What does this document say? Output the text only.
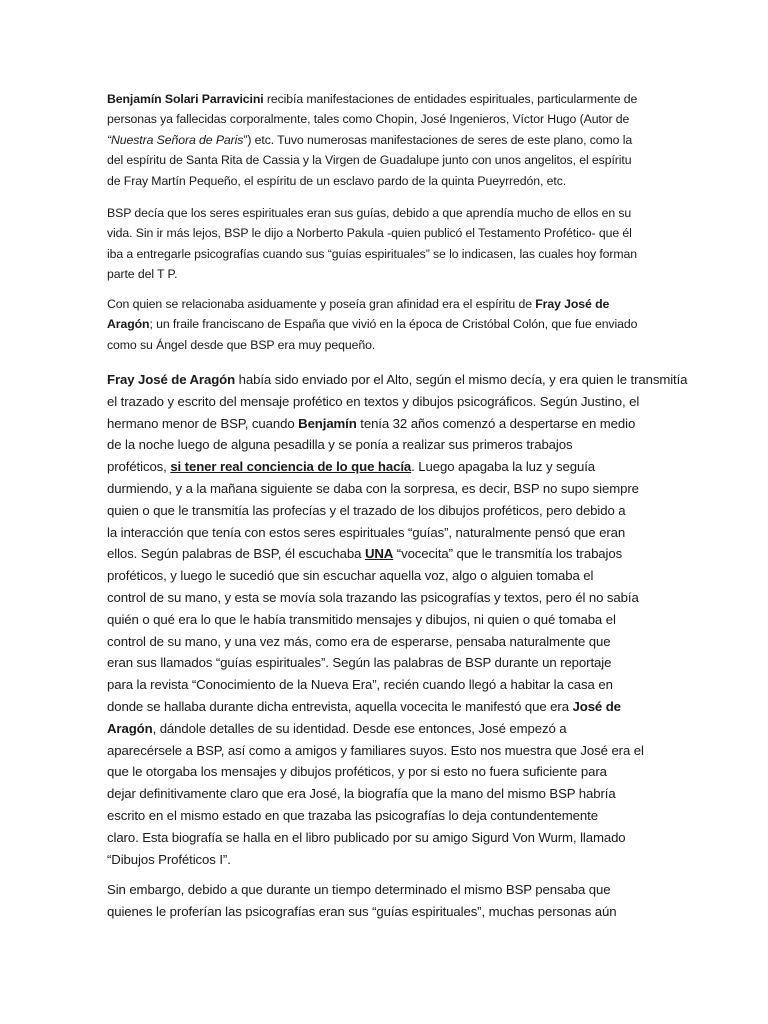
Benjamín Solari Parravicini recibía manifestaciones de entidades espirituales, particularmente de

personas ya fallecidas corporalmente, tales como Chopin, José Ingenieros, Víctor Hugo (Autor de

“Nuestra Señora de Paris”) etc. Tuvo numerosas manifestaciones de seres de este plano, como la

del espíritu de Santa Rita de Cassia y la Virgen de Guadalupe junto con unos angelitos, el espíritu

de Fray Martín Pequeño, el espíritu de un esclavo pardo de la quinta Pueyrredón, etc.

BSP decía que los seres espirituales eran sus guías, debido a que aprendía mucho de ellos en su

vida. Sin ir más lejos, BSP le dijo a Norberto Pakula -quien publicó el Testamento Profético- que él

iba a entregarle psicografías cuando sus “guías espirituales” se lo indicasen, las cuales hoy forman

parte del T P.

Con quien se relacionaba asiduamente y poseía gran afinidad era el espíritu de Fray José de

Aragón; un fraile franciscano de España que vivió en la época de Cristóbal Colón, que fue enviado

como su Ángel desde que BSP era muy pequeño.

Fray José de Aragón había sido enviado por el Alto, según el mismo decía, y era quien le transmitía

el trazado y escrito del mensaje profético en textos y dibujos psicográficos. Según Justino, el

hermano menor de BSP, cuando Benjamín tenía 32 años comenzó a despertarse en medio

de la noche luego de alguna pesadilla y se ponía a realizar sus primeros trabajos

proféticos, si tener real conciencia de lo que hacía. Luego apagaba la luz y seguía

durmiendo, y a la mañana siguiente se daba con la sorpresa, es decir, BSP no supo siempre

quien o que le transmitía las profecías y el trazado de los dibujos proféticos, pero debido a

la interacción que tenía con estos seres espirituales “guías”, naturalmente pensó que eran

ellos. Según palabras de BSP, él escuchaba UNA “vocecita” que le transmitía los trabajos

proféticos, y luego le sucedió que sin escuchar aquella voz, algo o alguien tomaba el

control de su mano, y esta se movía sola trazando las psicografías y textos, pero él no sabía

quién o qué era lo que le había transmitido mensajes y dibujos, ni quien o qué tomaba el

control de su mano, y una vez más, como era de esperarse, pensaba naturalmente que

eran sus llamados “guías espirituales”. Según las palabras de BSP durante un reportaje

para la revista “Conocimiento de la Nueva Era”, recién cuando llegó a habitar la casa en

donde se hallaba durante dicha entrevista, aquella vocecita le manifestó que era José de

Aragón, dándole detalles de su identidad. Desde ese entonces, José empezó a

aparecérsele a BSP, así como a amigos y familiares suyos. Esto nos muestra que José era el

que le otorgaba los mensajes y dibujos proféticos, y por si esto no fuera suficiente para

dejar definitivamente claro que era José, la biografía que la mano del mismo BSP habría

escrito en el mismo estado en que trazaba las psicografías lo deja contundentemente

claro. Esta biografía se halla en el libro publicado por su amigo Sigurd Von Wurm, llamado

“Dibujos Proféticos I”.

Sin embargo, debido a que durante un tiempo determinado el mismo BSP pensaba que

quienes le proferían las psicografías eran sus “guías espirituales”, muchas personas aún
